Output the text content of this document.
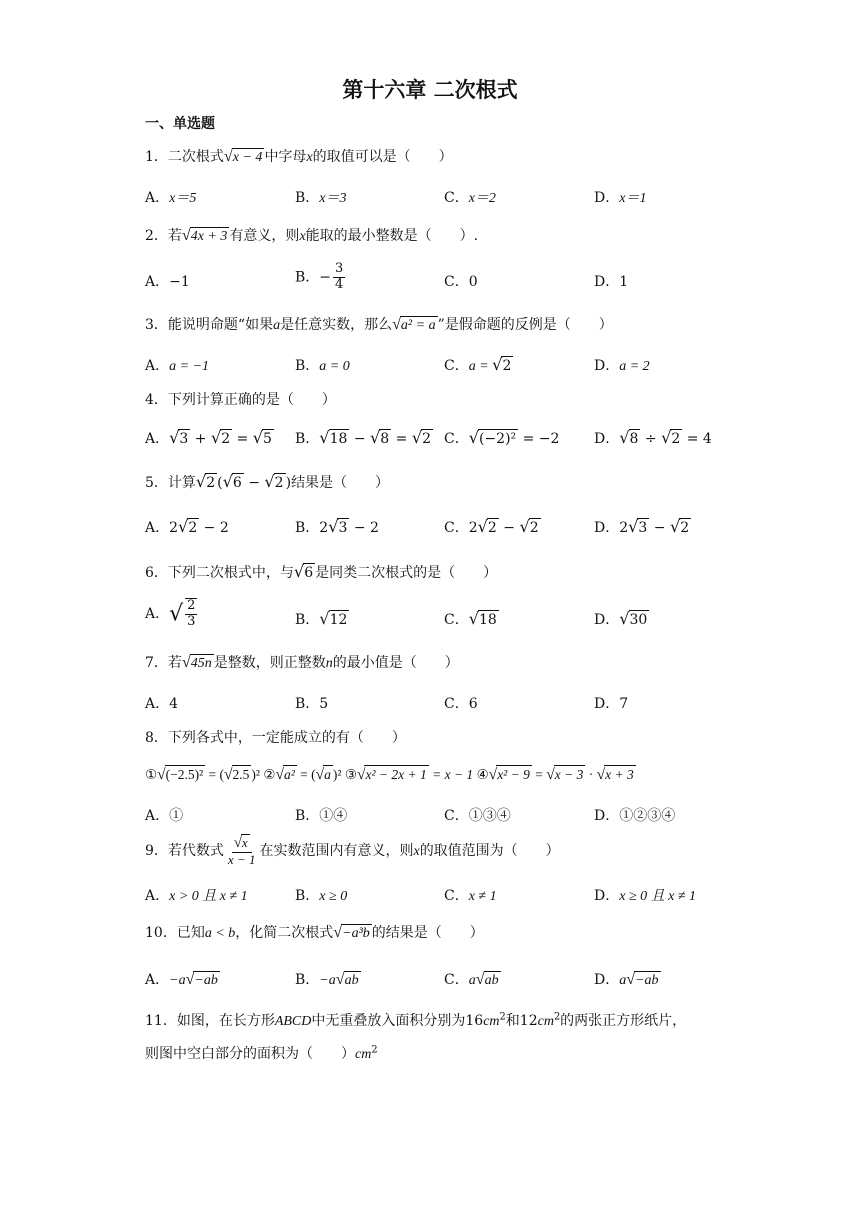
第十六章 二次根式
一、单选题
1．二次根式√x − 4 中字母x的取值可以是（　　）
A．x＝5	B．x＝3	C．x＝2	D．x＝1
2．若√4x + 3 有意义，则x能取的最小整数是（　　）.
A．−1	B．− $\frac{3}{4}$	C．0	D．1
3．能说明命题“如果a是任意实数，那么√a² = a ”是假命题的反例是（　　）
A．a = −1	B．a = 0	C．a = √2	D．a = 2
4．下列计算正确的是（　　）
A．√3 + √2 = √5 B．√18 − √8 = √2 C．√(−2)² = −2 D．√8 ÷ √2 = 4
5．计算√2 (√6 − √2 )结果是（　　）
A．2√2 − 2	B．2√3 − 2	C．2√2 − √2	D．2√3 − √2
6．下列二次根式中，与√6 是同类二次根式的是（　　）
A．√ $\frac{2}{3}$	B．√12	C．√18	D．√30
7．若√45n 是整数，则正整数n的最小值是（　　）
A．4	B．5	C．6	D．7
8．下列各式中，一定能成立的有（　　）
①√(−2.5)² = (√2.5 )² ②√a² = (√a )² ③√x² − 2x + 1 = x − 1 ④√x² − 9 = √x − 3 · √x + 3
A．①	B．①④	C．①③④	D．①②③④
9．若代数式 $\frac{√x}{x - 1}$ 在实数范围内有意义，则x的取值范围为（　　）
A．x > 0 且 x ≠ 1	B．x ≥ 0	C．x ≠ 1	D．x ≥ 0 且 x ≠ 1
10．已知a < b，化简二次根式√−a³b 的结果是（　　）
A．−a√−ab	B．−a√ab	C．a√ab	D．a√−ab
11．如图，在长方形ABCD中无重叠放入面积分别为$16cm^2$和$12cm^2$的两张正方形纸片，
则图中空白部分的面积为（　　）$cm^2$
